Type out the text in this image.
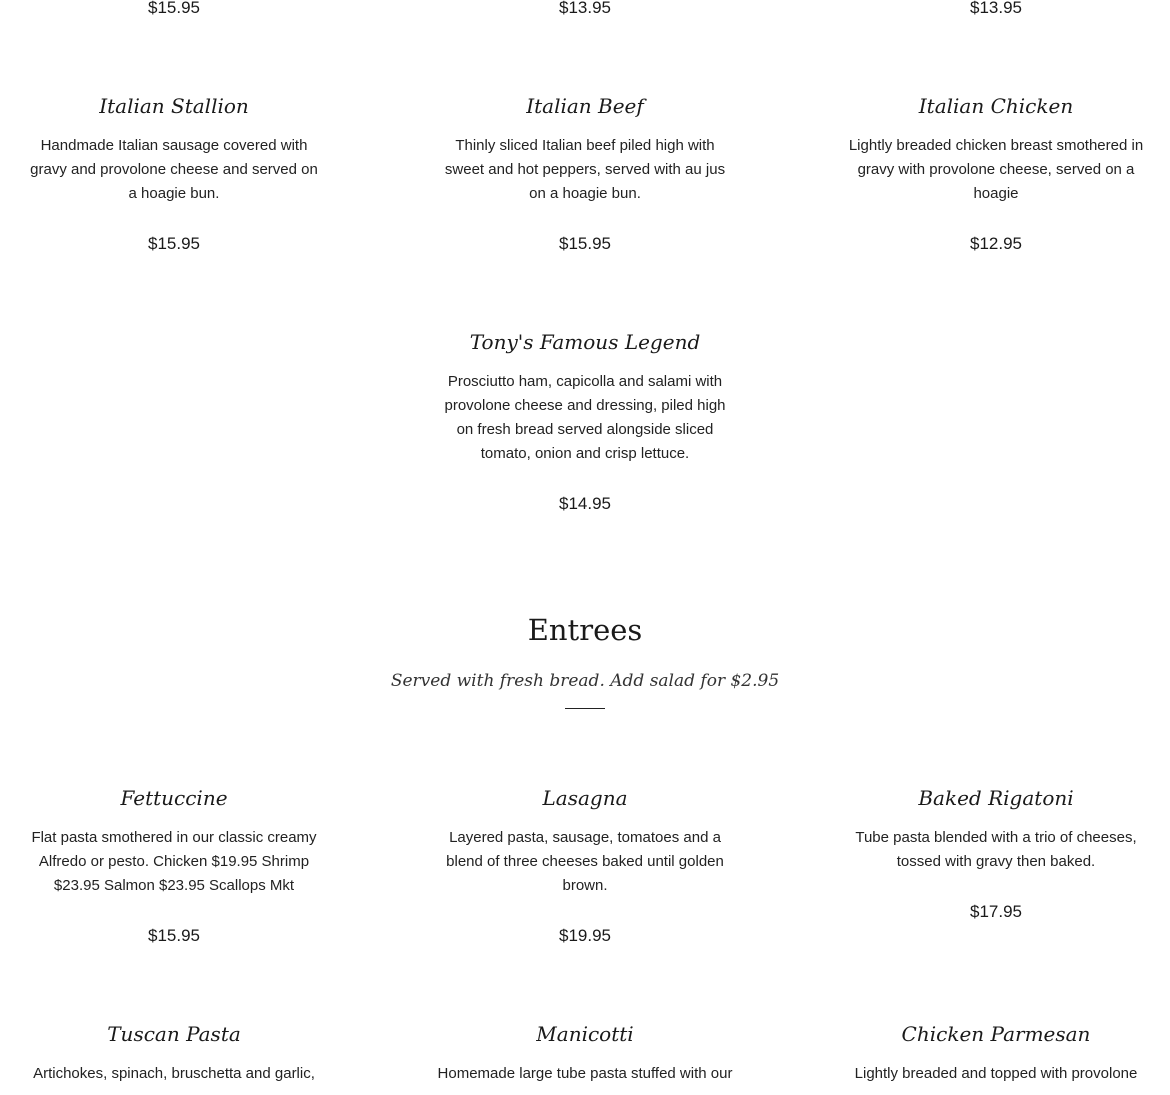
$15.95	$13.95	$13.95
Italian Stallion
Handmade Italian sausage covered with gravy and provolone cheese and served on a hoagie bun.
$15.95
Italian Beef
Thinly sliced Italian beef piled high with sweet and hot peppers, served with au jus on a hoagie bun.
$15.95
Italian Chicken
Lightly breaded chicken breast smothered in gravy with provolone cheese, served on a hoagie
$12.95
Tony's Famous Legend
Prosciutto ham, capicolla and salami with provolone cheese and dressing, piled high on fresh bread served alongside sliced tomato, onion and crisp lettuce.
$14.95
Entrees
Served with fresh bread. Add salad for $2.95
Fettuccine
Flat pasta smothered in our classic creamy Alfredo or pesto. Chicken $19.95 Shrimp $23.95 Salmon $23.95 Scallops Mkt
$15.95
Lasagna
Layered pasta, sausage, tomatoes and a blend of three cheeses baked until golden brown.
$19.95
Baked Rigatoni
Tube pasta blended with a trio of cheeses, tossed with gravy then baked.
$17.95
Tuscan Pasta
Artichokes, spinach, bruschetta and garlic,
Manicotti
Homemade large tube pasta stuffed with our
Chicken Parmesan
Lightly breaded and topped with provolone
